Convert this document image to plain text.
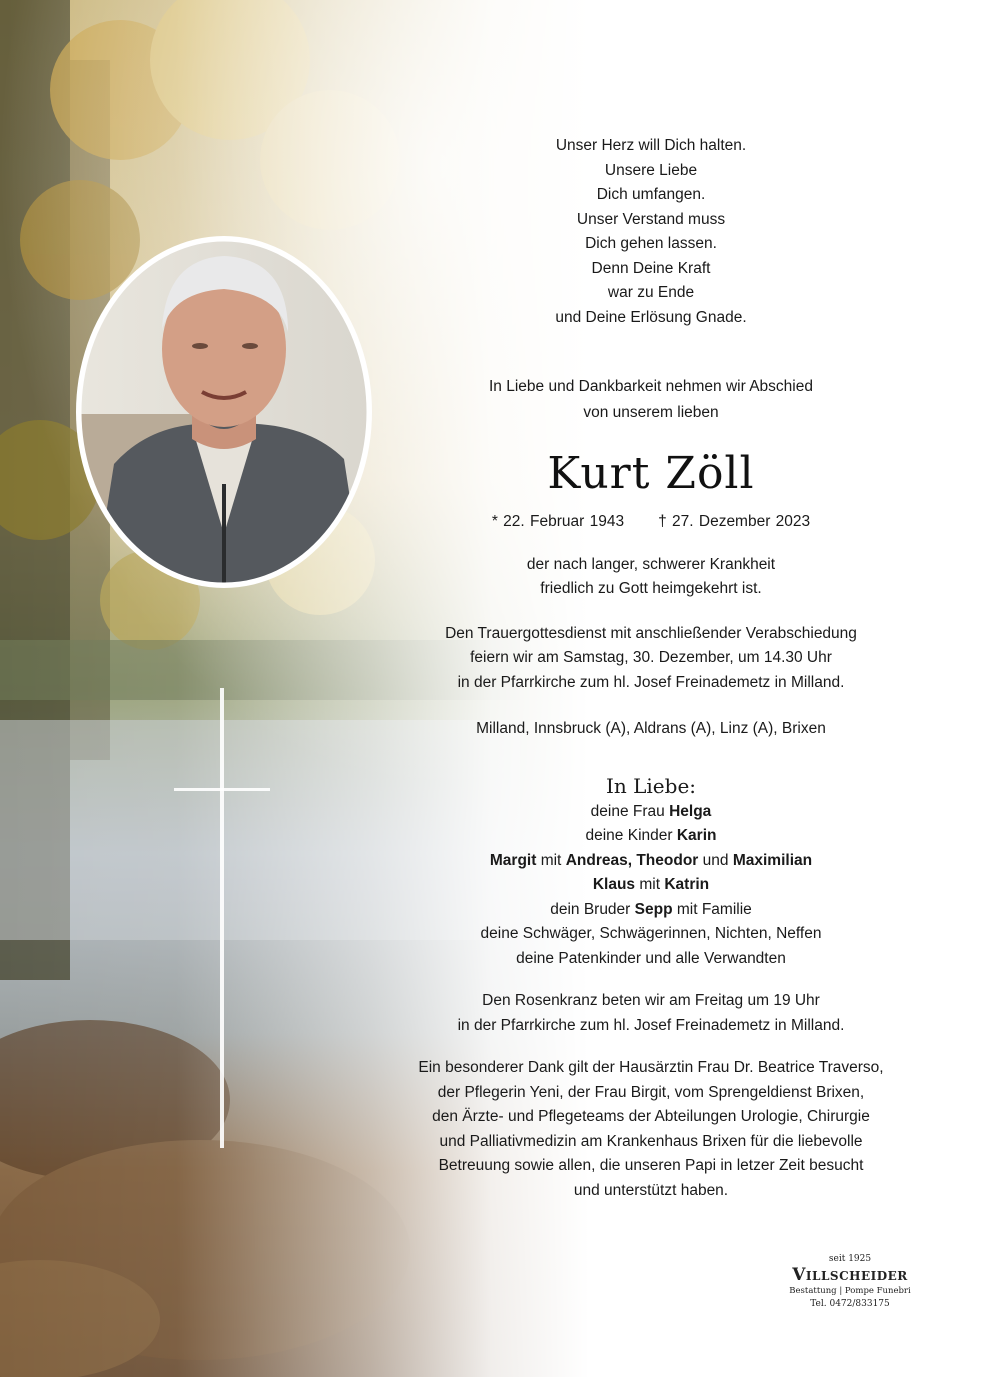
Unser Herz will Dich halten.

Unsere Liebe

Dich umfangen.

Unser Verstand muss

Dich gehen lassen.

Denn Deine Kraft

war zu Ende

und Deine Erlösung Gnade.

In Liebe und Dankbarkeit nehmen wir Abschied

von unserem lieben

Kurt Zöll
* 22. Februar 1943 † 27. Dezember 2023

der nach langer, schwerer Krankheit

friedlich zu Gott heimgekehrt ist.

Den Trauergottesdienst mit anschließender Verabschiedung

feiern wir am Samstag, 30. Dezember, um 14.30 Uhr

in der Pfarrkirche zum hl. Josef Freinademetz in Milland.

Milland, Innsbruck (A), Aldrans (A), Linz (A), Brixen
In Liebe:

deine Frau Helga

deine Kinder Karin

Margit mit Andreas, Theodor und Maximilian

Klaus mit Katrin

dein Bruder Sepp mit Familie

deine Schwäger, Schwägerinnen, Nichten, Neffen

deine Patenkinder und alle Verwandten

Den Rosenkranz beten wir am Freitag um 19 Uhr

in der Pfarrkirche zum hl. Josef Freinademetz in Milland.

Ein besonderer Dank gilt der Hausärztin Frau Dr. Beatrice Traverso,

der Pflegerin Yeni, der Frau Birgit, vom Sprengeldienst Brixen,

den Ärzte- und Pflegeteams der Abteilungen Urologie, Chirurgie

und Palliativmedizin am Krankenhaus Brixen für die liebevolle

Betreuung sowie allen, die unseren Papi in letzer Zeit besucht

und unterstützt haben.

seit 1925
Villscheider
Bestattung | Pompe Funebri
Tel. 0472/833175
